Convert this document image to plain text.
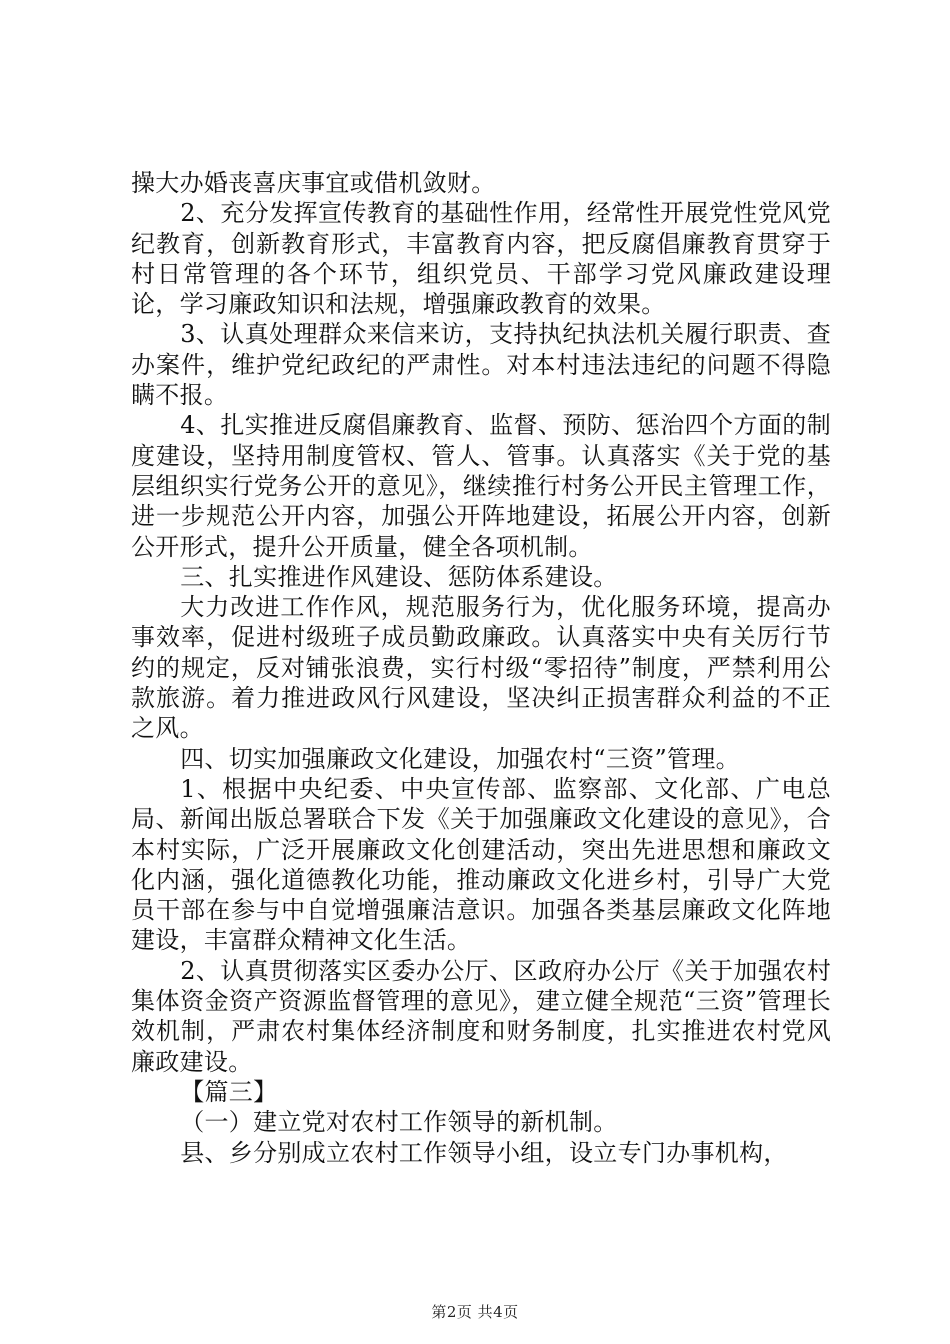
操大办婚丧喜庆事宜或借机敛财。

2、充分发挥宣传教育的基础性作用，经常性开展党性党风党纪教育，创新教育形式，丰富教育内容，把反腐倡廉教育贯穿于村日常管理的各个环节，组织党员、干部学习党风廉政建设理论，学习廉政知识和法规，增强廉政教育的效果。

3、认真处理群众来信来访，支持执纪执法机关履行职责、查办案件，维护党纪政纪的严肃性。对本村违法违纪的问题不得隐瞒不报。

4、扎实推进反腐倡廉教育、监督、预防、惩治四个方面的制度建设，坚持用制度管权、管人、管事。认真落实《关于党的基层组织实行党务公开的意见》，继续推行村务公开民主管理工作，进一步规范公开内容，加强公开阵地建设，拓展公开内容，创新公开形式，提升公开质量，健全各项机制。

三、扎实推进作风建设、惩防体系建设。

大力改进工作作风，规范服务行为，优化服务环境，提高办事效率，促进村级班子成员勤政廉政。认真落实中央有关厉行节约的规定，反对铺张浪费，实行村级“零招待”制度，严禁利用公款旅游。着力推进政风行风建设，坚决纠正损害群众利益的不正之风。

四、切实加强廉政文化建设，加强农村“三资”管理。

1、根据中央纪委、中央宣传部、监察部、文化部、广电总局、新闻出版总署联合下发《关于加强廉政文化建设的意见》，合本村实际，广泛开展廉政文化创建活动，突出先进思想和廉政文化内涵，强化道德教化功能，推动廉政文化进乡村，引导广大党员干部在参与中自觉增强廉洁意识。加强各类基层廉政文化阵地建设，丰富群众精神文化生活。

2、认真贯彻落实区委办公厅、区政府办公厅《关于加强农村集体资金资产资源监督管理的意见》，建立健全规范“三资”管理长效机制，严肃农村集体经济制度和财务制度，扎实推进农村党风廉政建设。

【篇三】

（一）建立党对农村工作领导的新机制。

县、乡分别成立农村工作领导小组，设立专门办事机构，

第2页 共4页
